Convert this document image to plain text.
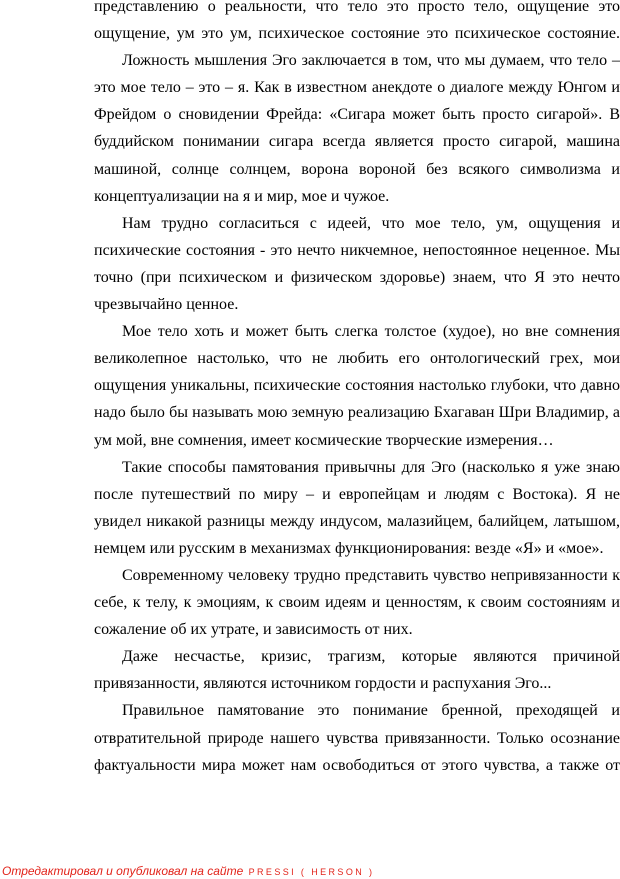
представлению о реальности, что тело это просто тело, ощущение это ощущение, ум это ум, психическое состояние это психическое состояние.

Ложность мышления Эго заключается в том, что мы думаем, что тело – это мое тело – это – я. Как в известном анекдоте о диалоге между Юнгом и Фрейдом о сновидении Фрейда: «Сигара может быть просто сигарой». В буддийском понимании сигара всегда является просто сигарой, машина машиной, солнце солнцем, ворона вороной без всякого символизма и концептуализации на я и мир, мое и чужое.

Нам трудно согласиться с идеей, что мое тело, ум, ощущения и психические состояния - это нечто никчемное, непостоянное неценное. Мы точно (при психическом и физическом здоровье) знаем, что Я это нечто чрезвычайно ценное.

Мое тело хоть и может быть слегка толстое (худое), но вне сомнения великолепное настолько, что не любить его онтологический грех, мои ощущения уникальны, психические состояния настолько глубоки, что давно надо было бы называть мою земную реализацию Бхагаван Шри Владимир, а ум мой, вне сомнения, имеет космические творческие измерения…

Такие способы памятования привычны для Эго (насколько я уже знаю после путешествий по миру – и европейцам и людям с Востока). Я не увидел никакой разницы между индусом, малазийцем, балийцем, латышом, немцем или русским в механизмах функционирования: везде «Я» и «мое».

Современному человеку трудно представить чувство непривязанности к себе, к телу, к эмоциям, к своим идеям и ценностям, к своим состояниям и сожаление об их утрате, и зависимость от них.

Даже несчастье, кризис, трагизм, которые являются причиной привязанности, являются источником гордости и распухания Эго...

Правильное памятование это понимание бренной, преходящей и отвратительной природе нашего чувства привязанности. Только осознание фактуальности мира может нам освободиться от этого чувства, а также от

Отредактировал и опубликовал на сайте PRESSI ( HERSON )
